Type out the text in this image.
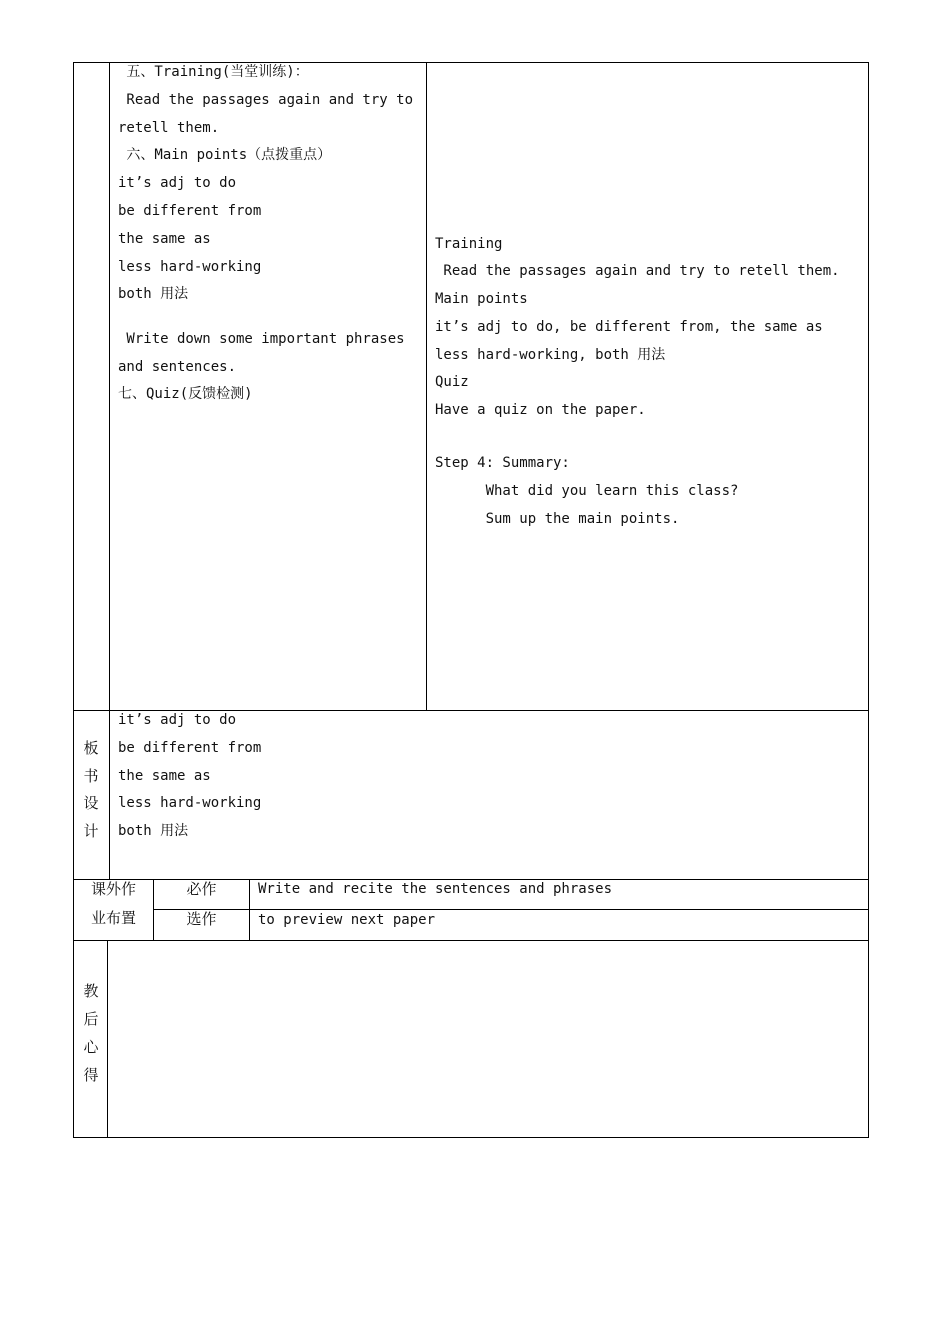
五、Training(当堂训练)：
Read the passages again and try to
retell them.
六、Main points（点拨重点）
it’s adj to do
be different from
the same as
less hard-working
both 用法
Write down some important phrases
and sentences.
七、Quiz(反馈检测)
Training
Read the passages again and try to retell them.
Main points
it’s adj to do, be different from, the same as
less hard-working, both 用法
Quiz
Have a quiz on the paper.
Step 4: Summary:
What did you learn this class?
Sum up the main points.
板
书
设
计
it’s adj to do
be different from
the same as
less hard-working
both 用法
课外作
业布置
必作
选作
Write and recite the sentences and phrases
to preview next paper
教
后
心
得
